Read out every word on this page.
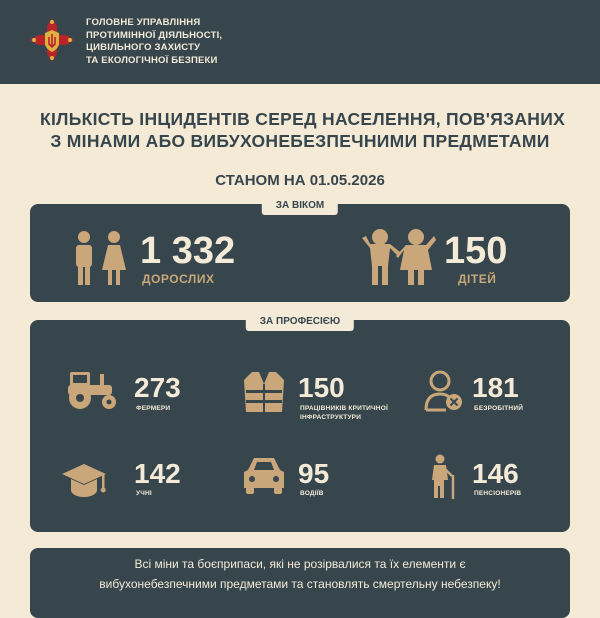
ГОЛОВНЕ УПРАВЛІННЯ
ПРОТИМІННОЇ ДІЯЛЬНОСТІ,
ЦИВІЛЬНОГО ЗАХИСТУ
ТА ЕКОЛОГІЧНОЇ БЕЗПЕКИ
КІЛЬКІСТЬ ІНЦИДЕНТІВ СЕРЕД НАСЕЛЕННЯ, ПОВ'ЯЗАНИХ
З МІНАМИ АБО ВИБУХОНЕБЕЗПЕЧНИМИ ПРЕДМЕТАМИ
СТАНОМ НА 01.05.2026
ЗА ВІКОМ
1 332
ДОРОСЛИХ
150
ДІТЕЙ
ЗА ПРОФЕСІЄЮ
273
ФЕРМЕРИ
150
ПРАЦІВНИКІВ КРИТИЧНОЇ
ІНФРАСТРУКТУРИ
181
БЕЗРОБІТНИЙ
142
УЧНІ
95
ВОДІЇВ
146
ПЕНСІОНЕРІВ
Всі міни та боєприпаси, які не розірвалися та їх елементи є
вибухонебезпечними предметами та становлять смертельну небезпеку!
